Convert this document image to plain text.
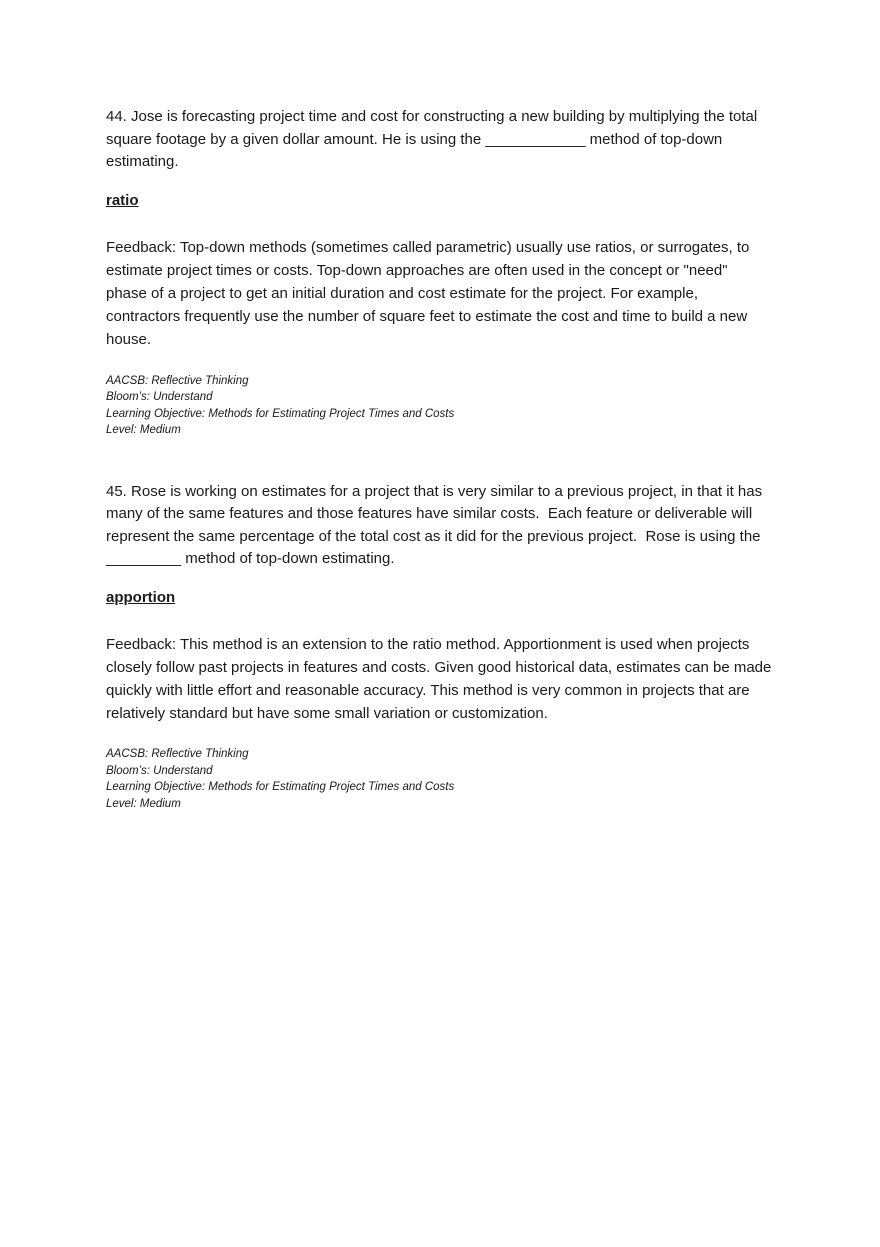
44. Jose is forecasting project time and cost for constructing a new building by multiplying the total square footage by a given dollar amount. He is using the ____________ method of top-down estimating.

ratio

Feedback: Top-down methods (sometimes called parametric) usually use ratios, or surrogates, to estimate project times or costs. Top-down approaches are often used in the concept or "need" phase of a project to get an initial duration and cost estimate for the project. For example, contractors frequently use the number of square feet to estimate the cost and time to build a new house.

AACSB: Reflective Thinking
Bloom’s: Understand
Learning Objective: Methods for Estimating Project Times and Costs
Level: Medium

45. Rose is working on estimates for a project that is very similar to a previous project, in that it has many of the same features and those features have similar costs.  Each feature or deliverable will represent the same percentage of the total cost as it did for the previous project.  Rose is using the _________ method of top-down estimating.

apportion

Feedback: This method is an extension to the ratio method. Apportionment is used when projects closely follow past projects in features and costs. Given good historical data, estimates can be made quickly with little effort and reasonable accuracy. This method is very common in projects that are relatively standard but have some small variation or customization.

AACSB: Reflective Thinking
Bloom’s: Understand
Learning Objective: Methods for Estimating Project Times and Costs
Level: Medium
